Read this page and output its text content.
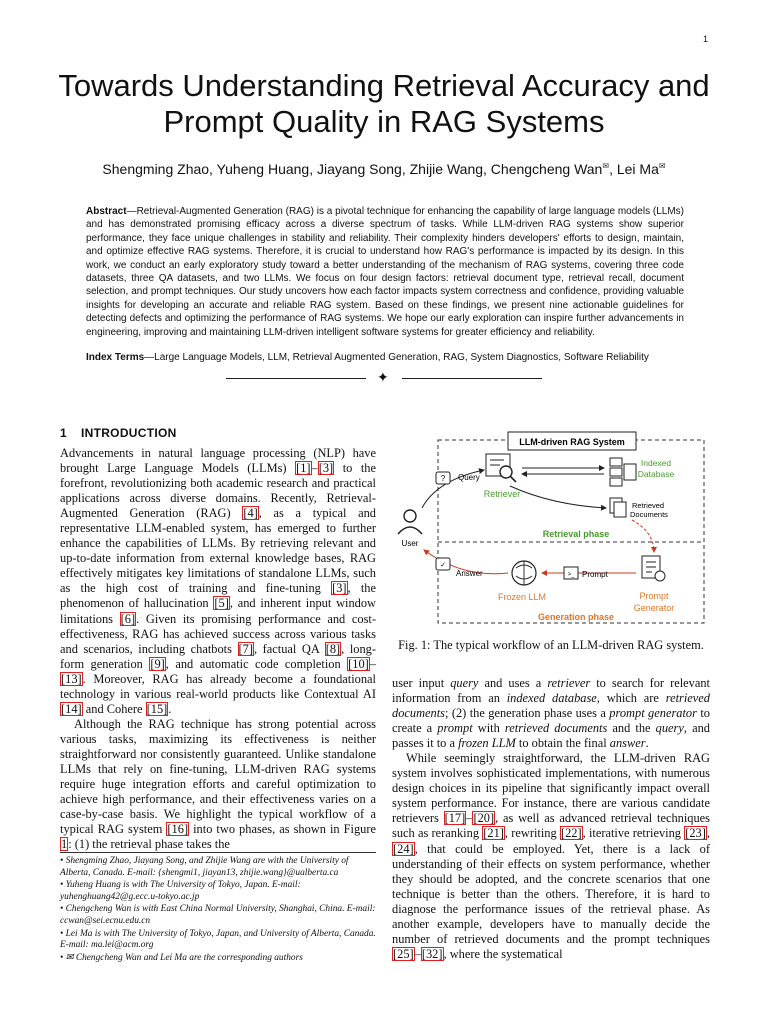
1
Towards Understanding Retrieval Accuracy and Prompt Quality in RAG Systems
Shengming Zhao, Yuheng Huang, Jiayang Song, Zhijie Wang, Chengcheng Wan✉, Lei Ma✉
Abstract—Retrieval-Augmented Generation (RAG) is a pivotal technique for enhancing the capability of large language models (LLMs) and has demonstrated promising efficacy across a diverse spectrum of tasks. While LLM-driven RAG systems show superior performance, they face unique challenges in stability and reliability. Their complexity hinders developers' efforts to design, maintain, and optimize effective RAG systems. Therefore, it is crucial to understand how RAG's performance is impacted by its design. In this work, we conduct an early exploratory study toward a better understanding of the mechanism of RAG systems, covering three code datasets, three QA datasets, and two LLMs. We focus on four design factors: retrieval document type, retrieval recall, document selection, and prompt techniques. Our study uncovers how each factor impacts system correctness and confidence, providing valuable insights for developing an accurate and reliable RAG system. Based on these findings, we present nine actionable guidelines for detecting defects and optimizing the performance of RAG systems. We hope our early exploration can inspire further advancements in engineering, improving and maintaining LLM-driven intelligent software systems for greater efficiency and reliability.
Index Terms—Large Language Models, LLM, Retrieval Augmented Generation, RAG, System Diagnostics, Software Reliability
✦
1 INTRODUCTION

Advancements in natural language processing (NLP) have brought Large Language Models (LLMs) [1]–[3] to the forefront, revolutionizing both academic research and practical applications across diverse domains. Recently, Retrieval-Augmented Generation (RAG) [4], as a typical and representative LLM-enabled system, has emerged to further enhance the capabilities of LLMs. By retrieving relevant and up-to-date information from external knowledge bases, RAG effectively mitigates key limitations of standalone LLMs, such as the high cost of training and fine-tuning [3], the phenomenon of hallucination [5], and inherent input window limitations [6]. Given its promising performance and cost-effectiveness, RAG has achieved success across various tasks and scenarios, including chatbots [7], factual QA [8], long-form generation [9], and automatic code completion [10]–[13]. Moreover, RAG has already become a foundational technology in various real-world products like Contextual AI [14] and Cohere [15].

Although the RAG technique has strong potential across various tasks, maximizing its effectiveness is neither straightforward nor consistently guaranteed. Unlike standalone LLMs that rely on fine-tuning, LLM-driven RAG systems require huge integration efforts and careful optimization to achieve high performance, and their effectiveness varies on a case-by-case basis. We highlight the typical workflow of a typical RAG system [16] into two phases, as shown in Figure 1: (1) the retrieval phase takes the

• Shengming Zhao, Jiayang Song, and Zhijie Wang are with the University of Alberta, Canada. E-mail: {shengmi1, jiayan13, zhijie.wang}@ualberta.ca
• Yuheng Huang is with The University of Tokyo, Japan. E-mail: yuhenghuang42@g.ecc.u-tokyo.ac.jp
• Chengcheng Wan is with East China Normal University, Shanghai, China. E-mail: ccwan@sei.ecnu.edu.cn
• Lei Ma is with The University of Tokyo, Japan, and University of Alberta, Canada. E-mail: ma.lei@acm.org
• ✉ Chengcheng Wan and Lei Ma are the corresponding authors
LLM-driven RAG System
User
? Query
Retriever
Indexed
Database
Retrieved
Documents
Retrieval phase
Prompt
Generator
>_ Prompt
Frozen LLM
✓
Answer
Generation phase
Fig. 1: The typical workflow of an LLM-driven RAG system.

user input query and uses a retriever to search for relevant information from an indexed database, which are retrieved documents; (2) the generation phase uses a prompt generator to create a prompt with retrieved documents and the query, and passes it to a frozen LLM to obtain the final answer.

While seemingly straightforward, the LLM-driven RAG system involves sophisticated implementations, with numerous design choices in its pipeline that significantly impact overall system performance. For instance, there are various candidate retrievers [17]–[20], as well as advanced retrieval techniques such as reranking [21], rewriting [22], iterative retrieving [23], [24], that could be employed. Yet, there is a lack of understanding of their effects on system performance, whether they should be adopted, and the concrete scenarios that one technique is better than the others. Therefore, it is hard to diagnose the performance issues of the retrieval phase. As another example, developers have to manually decide the number of retrieved documents and the prompt techniques [25]–[32], where the systematical
